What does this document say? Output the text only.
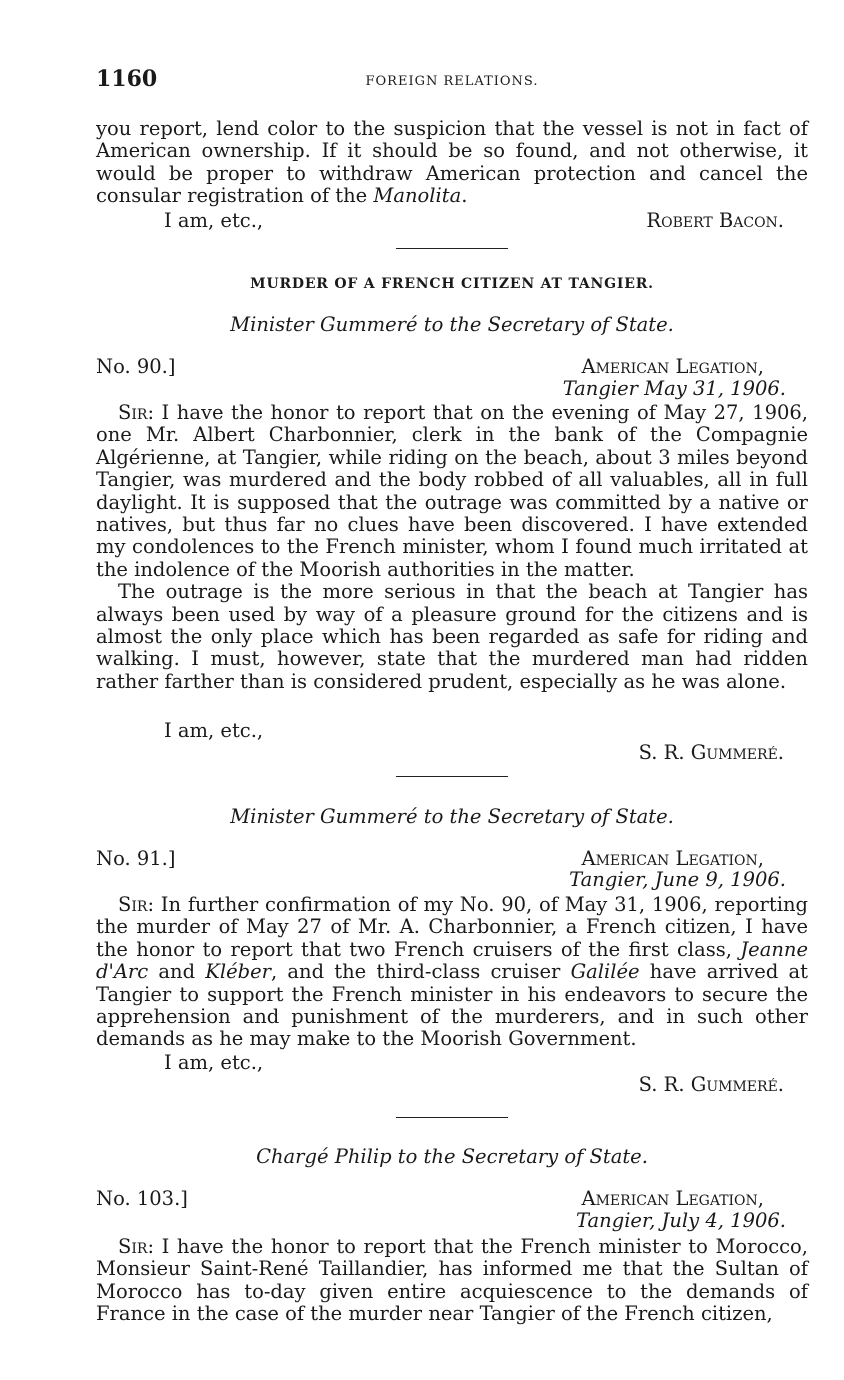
1160	FOREIGN RELATIONS.

you report, lend color to the suspicion that the vessel is not in fact of American ownership. If it should be so found, and not otherwise, it would be proper to withdraw American protection and cancel the consular registration of the Manolita.

I am, etc.,	Robert Bacon.
MURDER OF A FRENCH CITIZEN AT TANGIER.
Minister Gummeré to the Secretary of State.
No. 90.]	American Legation,
Tangier May 31, 1906.

Sir: I have the honor to report that on the evening of May 27, 1906, one Mr. Albert Charbonnier, clerk in the bank of the Compagnie Algérienne, at Tangier, while riding on the beach, about 3 miles beyond Tangier, was murdered and the body robbed of all valuables, all in full daylight. It is supposed that the outrage was committed by a native or natives, but thus far no clues have been discovered. I have extended my condolences to the French minister, whom I found much irritated at the indolence of the Moorish authorities in the matter.

The outrage is the more serious in that the beach at Tangier has always been used by way of a pleasure ground for the citizens and is almost the only place which has been regarded as safe for riding and walking. I must, however, state that the murdered man had ridden rather farther than is considered prudent, especially as he was alone.

I am, etc.,
S. R. Gummeré.
Minister Gummeré to the Secretary of State.
No. 91.]	American Legation,
Tangier, June 9, 1906.

Sir: In further confirmation of my No. 90, of May 31, 1906, reporting the murder of May 27 of Mr. A. Charbonnier, a French citizen, I have the honor to report that two French cruisers of the first class, Jeanne d'Arc and Kléber, and the third-class cruiser Galilée have arrived at Tangier to support the French minister in his endeavors to secure the apprehension and punishment of the murderers, and in such other demands as he may make to the Moorish Government.

I am, etc.,
S. R. Gummeré.
Chargé Philip to the Secretary of State.
No. 103.]	American Legation,
Tangier, July 4, 1906.

Sir: I have the honor to report that the French minister to Morocco, Monsieur Saint-René Taillandier, has informed me that the Sultan of Morocco has to-day given entire acquiescence to the demands of France in the case of the murder near Tangier of the French citizen,
